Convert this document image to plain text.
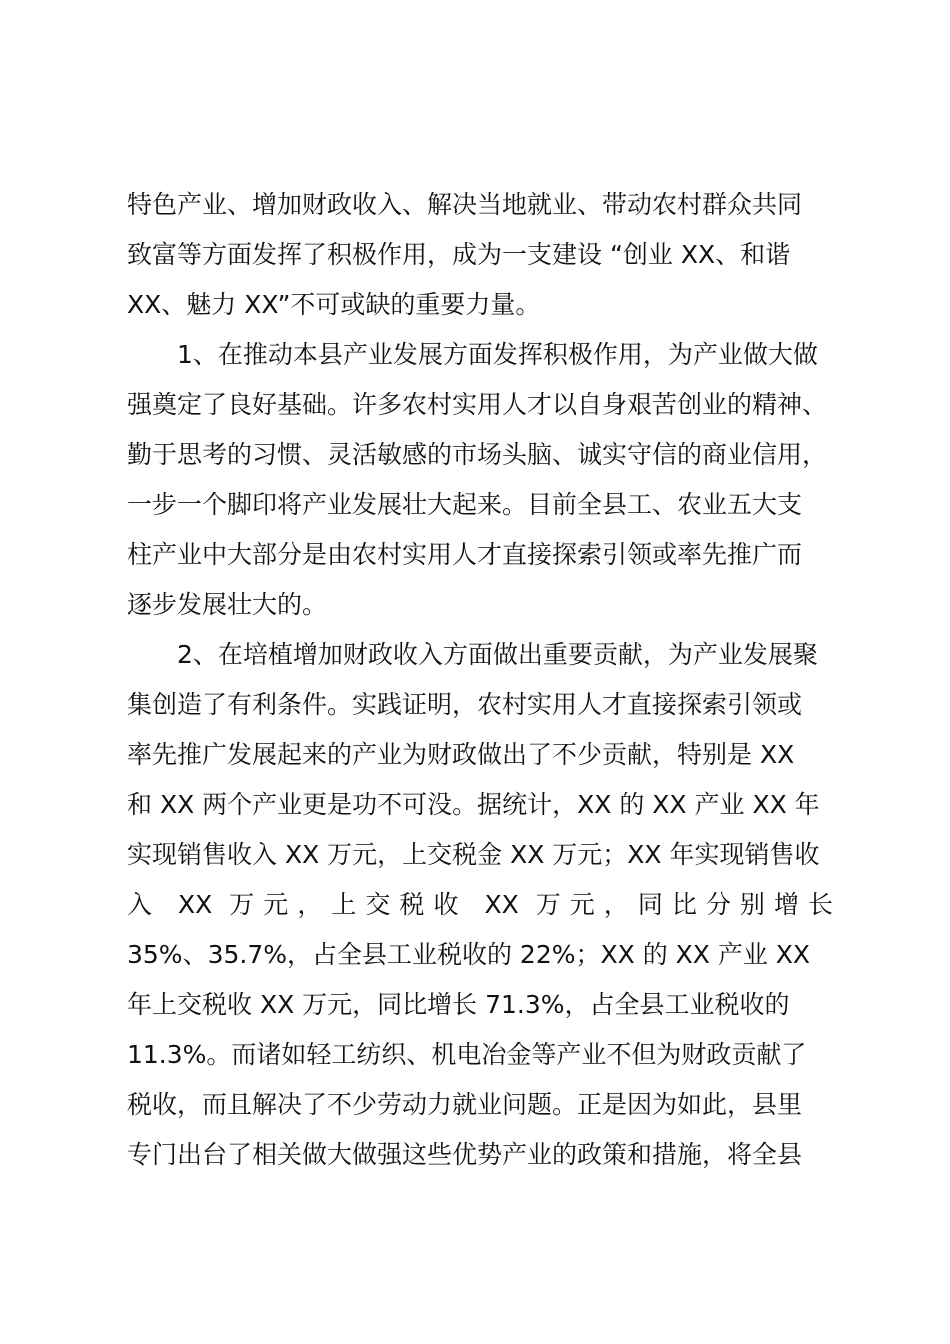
特色产业、增加财政收入、解决当地就业、带动农村群众共同
致富等方面发挥了积极作用，成为一支建设 “创业 XX、和谐
XX、魅力 XX”不可或缺的重要力量。
1、在推动本县产业发展方面发挥积极作用，为产业做大做
强奠定了良好基础。许多农村实用人才以自身艰苦创业的精神、
勤于思考的习惯、灵活敏感的市场头脑、诚实守信的商业信用，
一步一个脚印将产业发展壮大起来。目前全县工、农业五大支
柱产业中大部分是由农村实用人才直接探索引领或率先推广而
逐步发展壮大的。
2、在培植增加财政收入方面做出重要贡献，为产业发展聚
集创造了有利条件。实践证明，农村实用人才直接探索引领或
率先推广发展起来的产业为财政做出了不少贡献，特别是 XX
和 XX 两个产业更是功不可没。据统计，XX 的 XX 产业 XX 年
实现销售收入 XX 万元，上交税金 XX 万元；XX 年实现销售收
入 XX 万元，上交税收 XX 万元，同比分别增长
35%、35.7%，占全县工业税收的 22%；XX 的 XX 产业 XX
年上交税收 XX 万元，同比增长 71.3%，占全县工业税收的
11.3%。而诸如轻工纺织、机电冶金等产业不但为财政贡献了
税收，而且解决了不少劳动力就业问题。正是因为如此，县里
专门出台了相关做大做强这些优势产业的政策和措施，将全县
